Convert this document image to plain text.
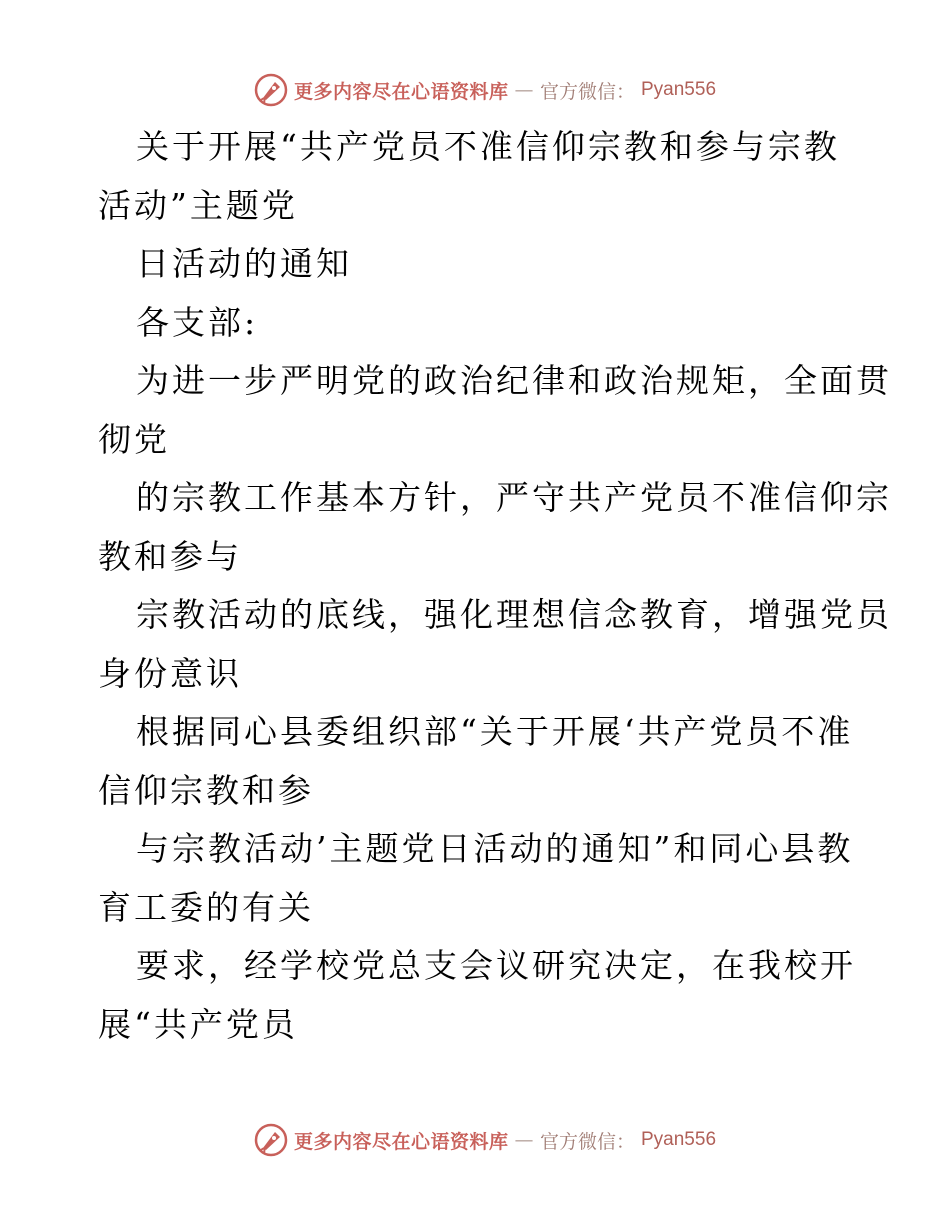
更多内容尽在心语资料库 — 官方微信： Pyan556
关于开展“共产党员不准信仰宗教和参与宗教
活动”主题党
日活动的通知
各支部:
为进一步严明党的政治纪律和政治规矩，全面贯
彻党
的宗教工作基本方针，严守共产党员不准信仰宗
教和参与
宗教活动的底线，强化理想信念教育，增强党员
身份意识
根据同心县委组织部“关于开展‘共产党员不准
信仰宗教和参
与宗教活动’主题党日活动的通知”和同心县教
育工委的有关
要求，经学校党总支会议研究决定，在我校开
展“共产党员
更多内容尽在心语资料库 — 官方微信： Pyan556
